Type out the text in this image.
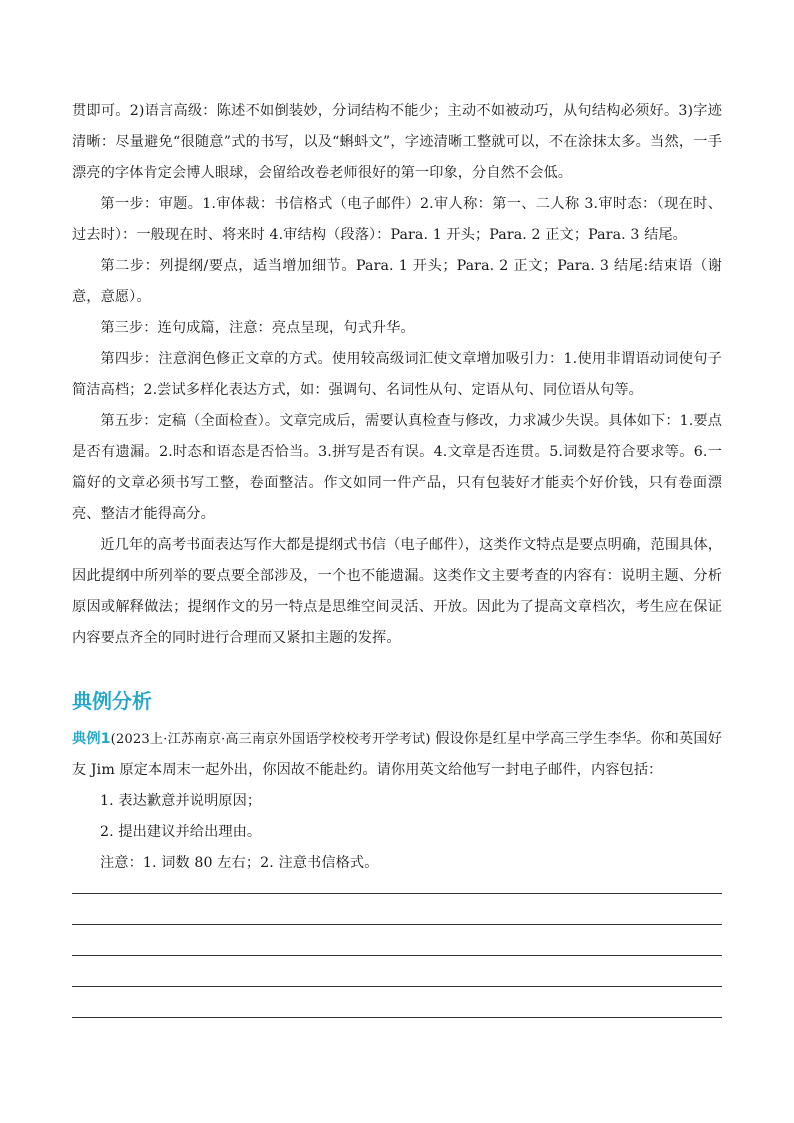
贯即可。2)语言高级：陈述不如倒装妙，分词结构不能少；主动不如被动巧，从句结构必须好。3)字迹清晰：尽量避免“很随意”式的书写，以及“蝌蚪文”，字迹清晰工整就可以，不在涂抹太多。当然，一手漂亮的字体肯定会博人眼球，会留给改卷老师很好的第一印象，分自然不会低。

第一步：审题。1.审体裁：书信格式（电子邮件）2.审人称：第一、二人称 3.审时态：（现在时、过去时）：一般现在时、将来时 4.审结构（段落）：Para. 1 开头；Para. 2 正文；Para. 3 结尾。

第二步：列提纲/要点，适当增加细节。Para. 1 开头；Para. 2 正文；Para. 3 结尾:结束语（谢意，意愿）。

第三步：连句成篇，注意：亮点呈现，句式升华。

第四步：注意润色修正文章的方式。使用较高级词汇使文章增加吸引力：1.使用非谓语动词使句子简洁高档；2.尝试多样化表达方式，如：强调句、名词性从句、定语从句、同位语从句等。

第五步：定稿（全面检查）。文章完成后，需要认真检查与修改，力求减少失误。具体如下：1.要点是否有遗漏。2.时态和语态是否恰当。3.拼写是否有误。4.文章是否连贯。5.词数是符合要求等。6.一篇好的文章必须书写工整，卷面整洁。作文如同一件产品，只有包装好才能卖个好价钱，只有卷面漂亮、整洁才能得高分。

近几年的高考书面表达写作大都是提纲式书信（电子邮件），这类作文特点是要点明确，范围具体，因此提纲中所列举的要点要全部涉及，一个也不能遗漏。这类作文主要考查的内容有：说明主题、分析原因或解释做法；提纲作文的另一特点是思维空间灵活、开放。因此为了提高文章档次，考生应在保证内容要点齐全的同时进行合理而又紧扣主题的发挥。

典例分析

典例1(2023上·江苏南京·高三南京外国语学校校考开学考试) 假设你是红星中学高三学生李华。你和英国好友 Jim 原定本周末一起外出，你因故不能赴约。请你用英文给他写一封电子邮件，内容包括：

1. 表达歉意并说明原因；

2. 提出建议并给出理由。

注意：1. 词数 80 左右；2. 注意书信格式。
